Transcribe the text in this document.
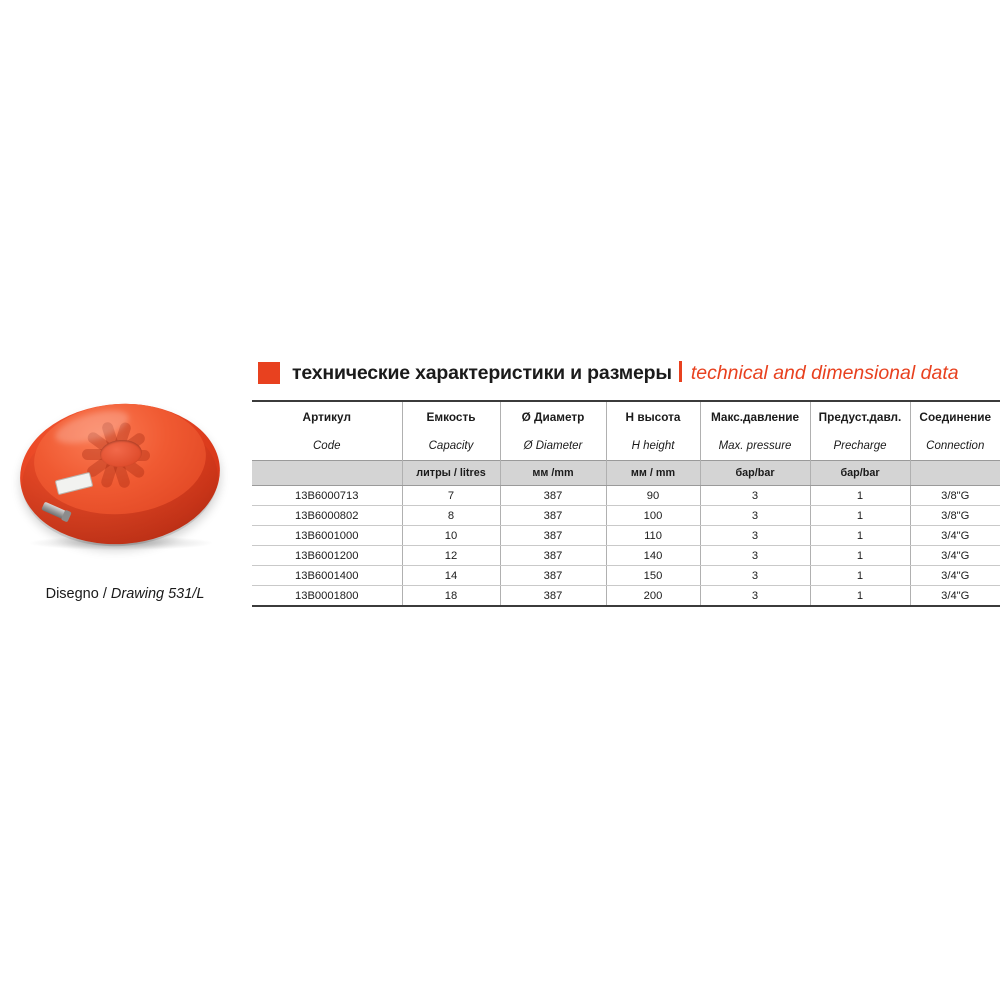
Disegno / Drawing 531/L
технические характеристики и размеры technical and dimensional data
Артикул	Емкость	Ø Диаметр	H высота	Макс.давление	Предуст.давл.	Соединение
Code	Capacity	Ø Diameter	H height	Max. pressure	Precharge	Connection
	литры / litres	мм /mm	мм / mm	бар/bar	бар/bar	
13B6000713	7	387	90	3	1	3/8"G
13B6000802	8	387	100	3	1	3/8"G
13B6001000	10	387	110	3	1	3/4"G
13B6001200	12	387	140	3	1	3/4"G
13B6001400	14	387	150	3	1	3/4"G
13B0001800	18	387	200	3	1	3/4"G
